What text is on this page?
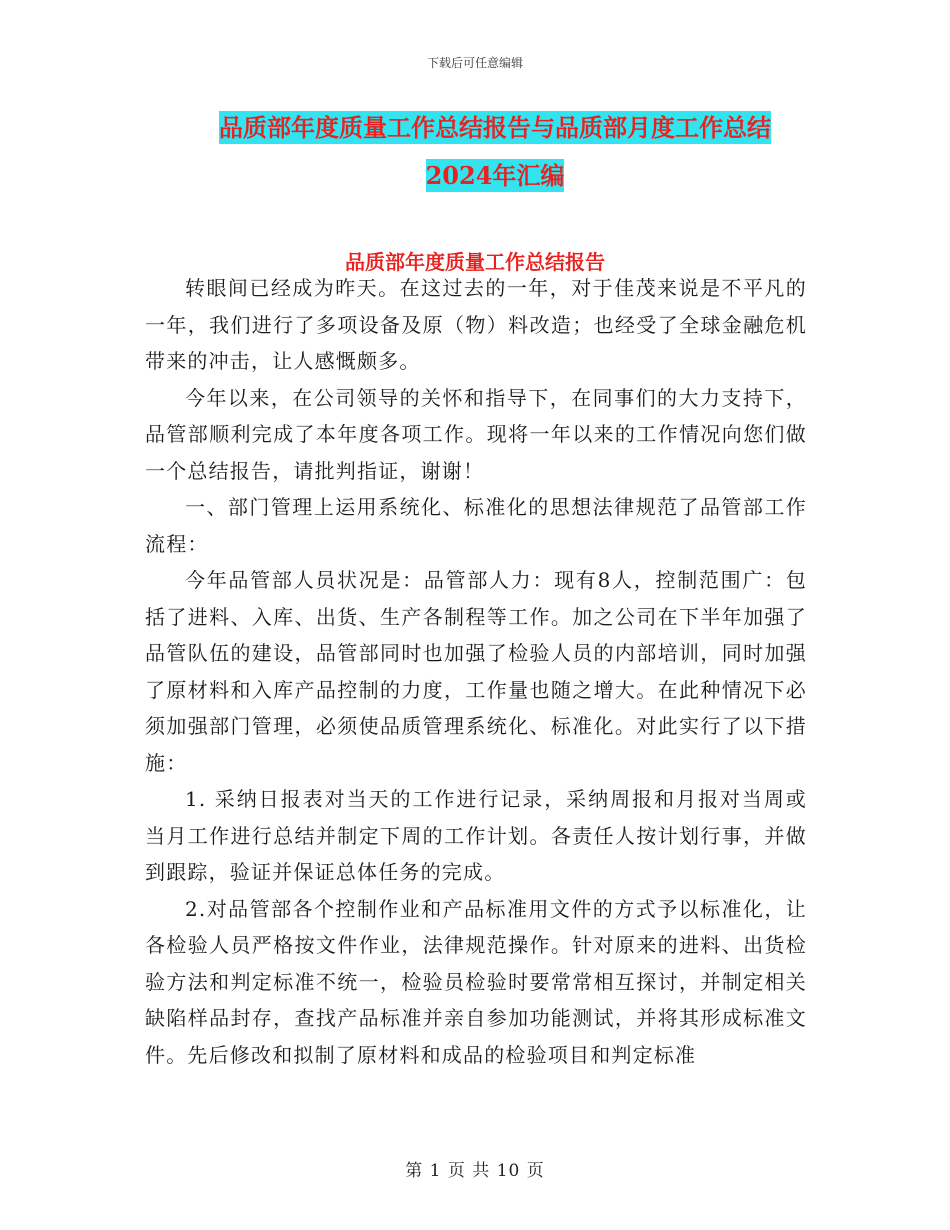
下载后可任意编辑
品质部年度质量工作总结报告与品质部月度工作总结
2024年汇编
品质部年度质量工作总结报告

转眼间已经成为昨天。在这过去的一年，对于佳茂来说是不平凡的一年，我们进行了多项设备及原（物）料改造；也经受了全球金融危机带来的冲击，让人感慨颇多。

今年以来，在公司领导的关怀和指导下，在同事们的大力支持下，品管部顺利完成了本年度各项工作。现将一年以来的工作情况向您们做一个总结报告，请批判指证，谢谢！

一、部门管理上运用系统化、标准化的思想法律规范了品管部工作流程：

今年品管部人员状况是：品管部人力：现有8人，控制范围广：包括了进料、入库、出货、生产各制程等工作。加之公司在下半年加强了品管队伍的建设，品管部同时也加强了检验人员的内部培训，同时加强了原材料和入库产品控制的力度，工作量也随之增大。在此种情况下必须加强部门管理，必须使品质管理系统化、标准化。对此实行了以下措施：

1. 采纳日报表对当天的工作进行记录，采纳周报和月报对当周或当月工作进行总结并制定下周的工作计划。各责任人按计划行事，并做到跟踪，验证并保证总体任务的完成。

2.对品管部各个控制作业和产品标准用文件的方式予以标准化，让各检验人员严格按文件作业，法律规范操作。针对原来的进料、出货检验方法和判定标准不统一，检验员检验时要常常相互探讨，并制定相关缺陷样品封存，查找产品标准并亲自参加功能测试，并将其形成标准文件。先后修改和拟制了原材料和成品的检验项目和判定标准

第 1 页 共 10 页
